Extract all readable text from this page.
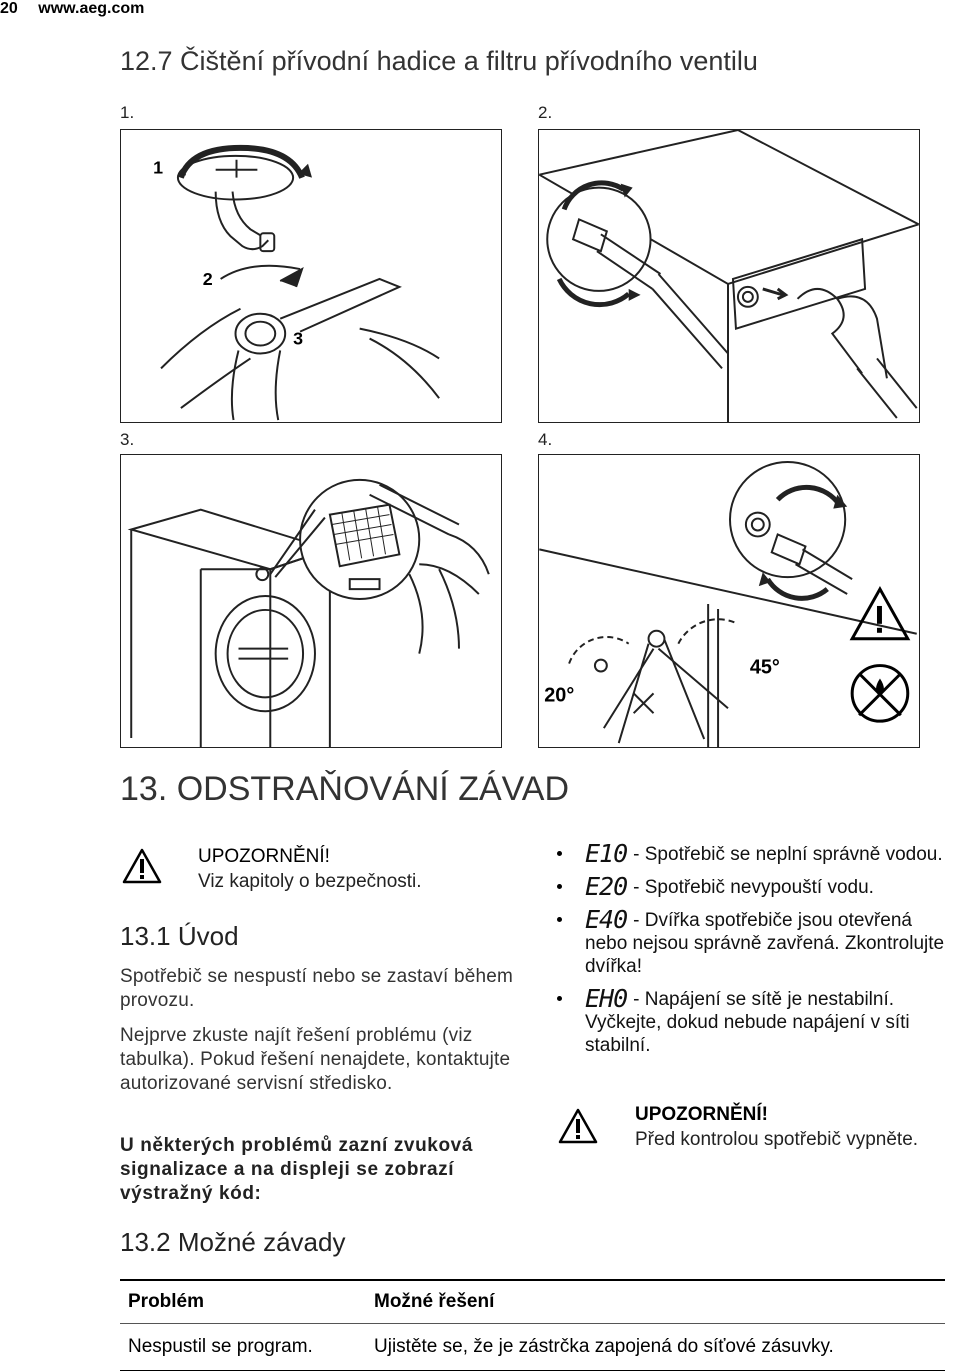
20 www.aeg.com
12.7 Čištění přívodní hadice a filtru přívodního ventilu
1.	2.
3.	4.
1
2
3
20°
45°
13. ODSTRAŇOVÁNÍ ZÁVAD
UPOZORNĚNÍ!
Viz kapitoly o bezpečnosti.
13.1 Úvod
Spotřebič se nespustí nebo se zastaví během provozu.
Nejprve zkuste najít řešení problému (viz tabulka). Pokud řešení nenajdete, kontaktujte autorizované servisní středisko.
U některých problémů zazní zvuková signalizace a na displeji se zobrazí výstražný kód:
E10 - Spotřebič se neplní správně vodou.
E20 - Spotřebič nevypouští vodu.
E40 - Dvířka spotřebiče jsou otevřená nebo nejsou správně zavřená. Zkontrolujte dvířka!
EH0 - Napájení se sítě je nestabilní. Vyčkejte, dokud nebude napájení v síti stabilní.
UPOZORNĚNÍ!
Před kontrolou spotřebič vypněte.
13.2 Možné závady
Problém	Možné řešení
Nespustil se program.	Ujistěte se, že je zástrčka zapojená do síťové zásuvky.
